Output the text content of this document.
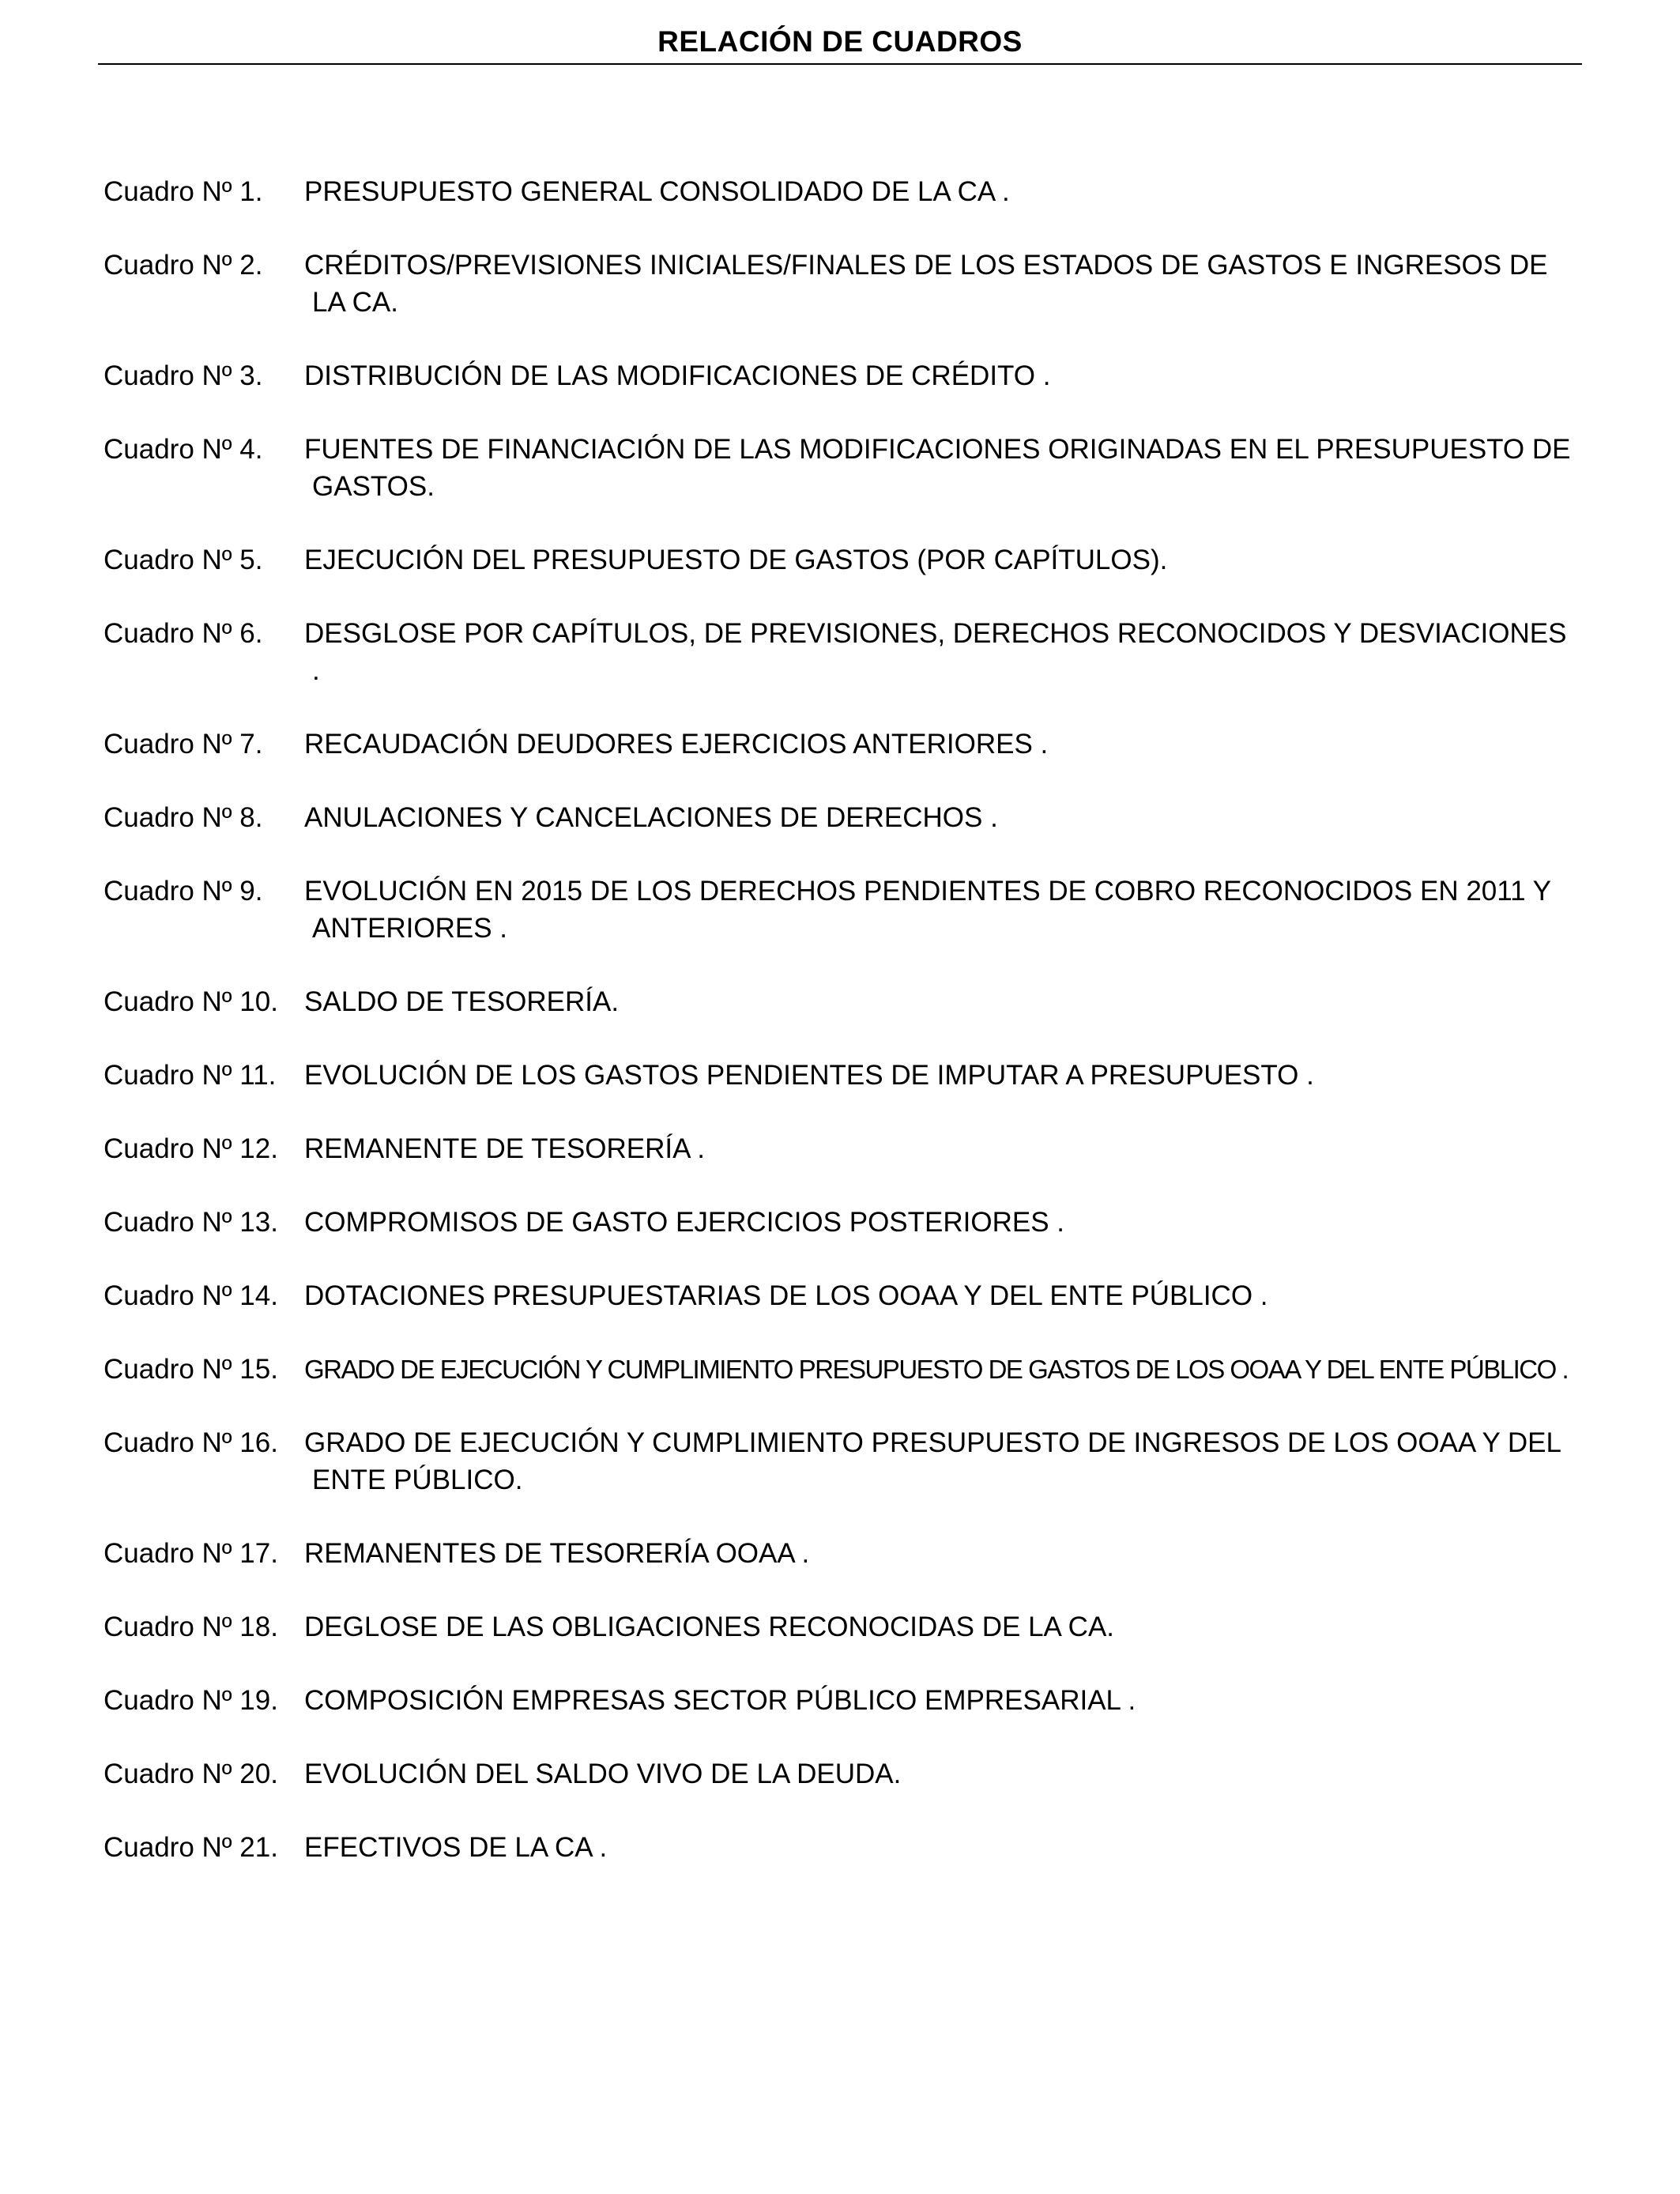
RELACIÓN DE CUADROS
Cuadro Nº 1. PRESUPUESTO GENERAL CONSOLIDADO DE LA CA .
Cuadro Nº 2. CRÉDITOS/PREVISIONES INICIALES/FINALES DE LOS ESTADOS DE GASTOS E INGRESOS DE LA CA.
Cuadro Nº 3. DISTRIBUCIÓN DE LAS MODIFICACIONES DE CRÉDITO .
Cuadro Nº 4. FUENTES DE FINANCIACIÓN DE LAS MODIFICACIONES ORIGINADAS EN EL PRESUPUESTO DE GASTOS.
Cuadro Nº 5. EJECUCIÓN DEL PRESUPUESTO DE GASTOS (POR CAPÍTULOS).
Cuadro Nº 6. DESGLOSE POR CAPÍTULOS, DE PREVISIONES, DERECHOS RECONOCIDOS Y DESVIACIONES .
Cuadro Nº 7. RECAUDACIÓN DEUDORES EJERCICIOS ANTERIORES .
Cuadro Nº 8. ANULACIONES Y CANCELACIONES DE DERECHOS .
Cuadro Nº 9. EVOLUCIÓN EN 2015 DE LOS DERECHOS PENDIENTES DE COBRO RECONOCIDOS EN 2011 Y ANTERIORES .
Cuadro Nº 10. SALDO DE TESORERÍA.
Cuadro Nº 11. EVOLUCIÓN DE LOS GASTOS PENDIENTES DE IMPUTAR A PRESUPUESTO .
Cuadro Nº 12. REMANENTE DE TESORERÍA .
Cuadro Nº 13. COMPROMISOS DE GASTO EJERCICIOS POSTERIORES .
Cuadro Nº 14. DOTACIONES PRESUPUESTARIAS DE LOS OOAA Y DEL ENTE PÚBLICO .
Cuadro Nº 15. GRADO DE EJECUCIÓN Y CUMPLIMIENTO PRESUPUESTO DE GASTOS DE LOS OOAA Y DEL ENTE PÚBLICO .
Cuadro Nº 16. GRADO DE EJECUCIÓN Y CUMPLIMIENTO PRESUPUESTO DE INGRESOS DE LOS OOAA Y DEL ENTE PÚBLICO.
Cuadro Nº 17. REMANENTES DE TESORERÍA OOAA .
Cuadro Nº 18. DEGLOSE DE LAS OBLIGACIONES RECONOCIDAS DE LA CA.
Cuadro Nº 19. COMPOSICIÓN EMPRESAS SECTOR PÚBLICO EMPRESARIAL .
Cuadro Nº 20. EVOLUCIÓN DEL SALDO VIVO DE LA DEUDA.
Cuadro Nº 21. EFECTIVOS DE LA CA .
